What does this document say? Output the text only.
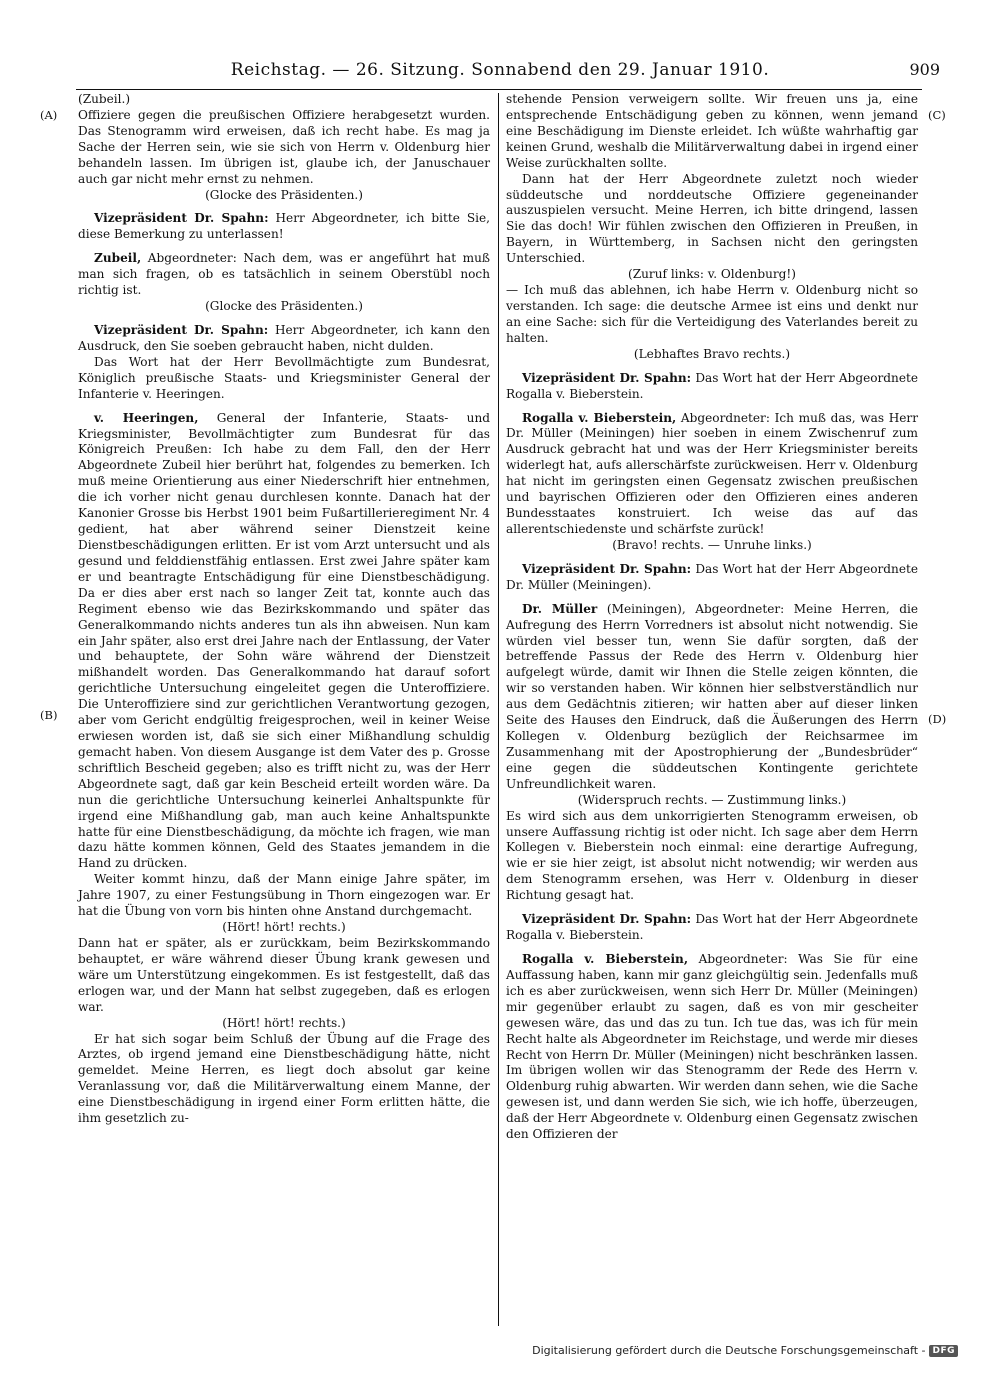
Reichstag. — 26. Sitzung. Sonnabend den 29. Januar 1910.	909
(A)
(B)
(C)
(D)

(Zubeil.)

Offiziere gegen die preußischen Offiziere herabgesetzt wurden. Das Stenogramm wird erweisen, daß ich recht habe. Es mag ja Sache der Herren sein, wie sie sich von Herrn v. Oldenburg hier behandeln lassen. Im übrigen ist, glaube ich, der Januschauer auch gar nicht mehr ernst zu nehmen.

(Glocke des Präsidenten.)

Vizepräsident Dr. Spahn: Herr Abgeordneter, ich bitte Sie, diese Bemerkung zu unterlassen!

Zubeil, Abgeordneter: Nach dem, was er angeführt hat muß man sich fragen, ob es tatsächlich in seinem Oberstübl noch richtig ist.

(Glocke des Präsidenten.)

Vizepräsident Dr. Spahn: Herr Abgeordneter, ich kann den Ausdruck, den Sie soeben gebraucht haben, nicht dulden.

Das Wort hat der Herr Bevollmächtigte zum Bundesrat, Königlich preußische Staats- und Kriegsminister General der Infanterie v. Heeringen.

v. Heeringen, General der Infanterie, Staats- und Kriegsminister, Bevollmächtigter zum Bundesrat für das Königreich Preußen: Ich habe zu dem Fall, den der Herr Abgeordnete Zubeil hier berührt hat, folgendes zu bemerken. Ich muß meine Orientierung aus einer Niederschrift hier entnehmen, die ich vorher nicht genau durchlesen konnte. Danach hat der Kanonier Grosse bis Herbst 1901 beim Fußartillerieregiment Nr. 4 gedient, hat aber während seiner Dienstzeit keine Dienstbeschädigungen erlitten. Er ist vom Arzt untersucht und als gesund und felddienstfähig entlassen. Erst zwei Jahre später kam er und beantragte Entschädigung für eine Dienstbeschädigung. Da er dies aber erst nach so langer Zeit tat, konnte auch das Regiment ebenso wie das Bezirkskommando und später das Generalkommando nichts anderes tun als ihn abweisen. Nun kam ein Jahr später, also erst drei Jahre nach der Entlassung, der Vater und behauptete, der Sohn wäre während der Dienstzeit mißhandelt worden. Das Generalkommando hat darauf sofort gerichtliche Untersuchung eingeleitet gegen die Unteroffiziere. Die Unteroffiziere sind zur gerichtlichen Verantwortung gezogen, aber vom Gericht endgültig freigesprochen, weil in keiner Weise erwiesen worden ist, daß sie sich einer Mißhandlung schuldig gemacht haben. Von diesem Ausgange ist dem Vater des p. Grosse schriftlich Bescheid gegeben; also es trifft nicht zu, was der Herr Abgeordnete sagt, daß gar kein Bescheid erteilt worden wäre. Da nun die gerichtliche Untersuchung keinerlei Anhaltspunkte für irgend eine Mißhandlung gab, man auch keine Anhaltspunkte hatte für eine Dienstbeschädigung, da möchte ich fragen, wie man dazu hätte kommen können, Geld des Staates jemandem in die Hand zu drücken.

Weiter kommt hinzu, daß der Mann einige Jahre später, im Jahre 1907, zu einer Festungsübung in Thorn eingezogen war. Er hat die Übung von vorn bis hinten ohne Anstand durchgemacht.

(Hört! hört! rechts.)

Dann hat er später, als er zurückkam, beim Bezirkskommando behauptet, er wäre während dieser Übung krank gewesen und wäre um Unterstützung eingekommen. Es ist festgestellt, daß das erlogen war, und der Mann hat selbst zugegeben, daß es erlogen war.

(Hört! hört! rechts.)

Er hat sich sogar beim Schluß der Übung auf die Frage des Arztes, ob irgend jemand eine Dienstbeschädigung hätte, nicht gemeldet. Meine Herren, es liegt doch absolut gar keine Veranlassung vor, daß die Militärverwaltung einem Manne, der eine Dienstbeschädigung in irgend einer Form erlitten hätte, die ihm gesetzlich zu-

stehende Pension verweigern sollte. Wir freuen uns ja, eine entsprechende Entschädigung geben zu können, wenn jemand eine Beschädigung im Dienste erleidet. Ich wüßte wahrhaftig gar keinen Grund, weshalb die Militärverwaltung dabei in irgend einer Weise zurückhalten sollte.

Dann hat der Herr Abgeordnete zuletzt noch wieder süddeutsche und norddeutsche Offiziere gegeneinander auszuspielen versucht. Meine Herren, ich bitte dringend, lassen Sie das doch! Wir fühlen zwischen den Offizieren in Preußen, in Bayern, in Württemberg, in Sachsen nicht den geringsten Unterschied.

(Zuruf links: v. Oldenburg!)

— Ich muß das ablehnen, ich habe Herrn v. Oldenburg nicht so verstanden. Ich sage: die deutsche Armee ist eins und denkt nur an eine Sache: sich für die Verteidigung des Vaterlandes bereit zu halten.

(Lebhaftes Bravo rechts.)

Vizepräsident Dr. Spahn: Das Wort hat der Herr Abgeordnete Rogalla v. Bieberstein.

Rogalla v. Bieberstein, Abgeordneter: Ich muß das, was Herr Dr. Müller (Meiningen) hier soeben in einem Zwischenruf zum Ausdruck gebracht hat und was der Herr Kriegsminister bereits widerlegt hat, aufs allerschärfste zurückweisen. Herr v. Oldenburg hat nicht im geringsten einen Gegensatz zwischen preußischen und bayrischen Offizieren oder den Offizieren eines anderen Bundesstaates konstruiert. Ich weise das auf das allerentschiedenste und schärfste zurück!

(Bravo! rechts. — Unruhe links.)

Vizepräsident Dr. Spahn: Das Wort hat der Herr Abgeordnete Dr. Müller (Meiningen).

Dr. Müller (Meiningen), Abgeordneter: Meine Herren, die Aufregung des Herrn Vorredners ist absolut nicht notwendig. Sie würden viel besser tun, wenn Sie dafür sorgten, daß der betreffende Passus der Rede des Herrn v. Oldenburg hier aufgelegt würde, damit wir Ihnen die Stelle zeigen könnten, die wir so verstanden haben. Wir können hier selbstverständlich nur aus dem Gedächtnis zitieren; wir hatten aber auf dieser linken Seite des Hauses den Eindruck, daß die Äußerungen des Herrn Kollegen v. Oldenburg bezüglich der Reichsarmee im Zusammenhang mit der Apostrophierung der „Bundesbrüder“ eine gegen die süddeutschen Kontingente gerichtete Unfreundlichkeit waren.

(Widerspruch rechts. — Zustimmung links.)

Es wird sich aus dem unkorrigierten Stenogramm erweisen, ob unsere Auffassung richtig ist oder nicht. Ich sage aber dem Herrn Kollegen v. Bieberstein noch einmal: eine derartige Aufregung, wie er sie hier zeigt, ist absolut nicht notwendig; wir werden aus dem Stenogramm ersehen, was Herr v. Oldenburg in dieser Richtung gesagt hat.

Vizepräsident Dr. Spahn: Das Wort hat der Herr Abgeordnete Rogalla v. Bieberstein.

Rogalla v. Bieberstein, Abgeordneter: Was Sie für eine Auffassung haben, kann mir ganz gleichgültig sein. Jedenfalls muß ich es aber zurückweisen, wenn sich Herr Dr. Müller (Meiningen) mir gegenüber erlaubt zu sagen, daß es von mir gescheiter gewesen wäre, das und das zu tun. Ich tue das, was ich für mein Recht halte als Abgeordneter im Reichstage, und werde mir dieses Recht von Herrn Dr. Müller (Meiningen) nicht beschränken lassen. Im übrigen wollen wir das Stenogramm der Rede des Herrn v. Oldenburg ruhig abwarten. Wir werden dann sehen, wie die Sache gewesen ist, und dann werden Sie sich, wie ich hoffe, überzeugen, daß der Herr Abgeordnete v. Oldenburg einen Gegensatz zwischen den Offizieren der

Digitalisierung gefördert durch die Deutsche Forschungsgemeinschaft - DFG
